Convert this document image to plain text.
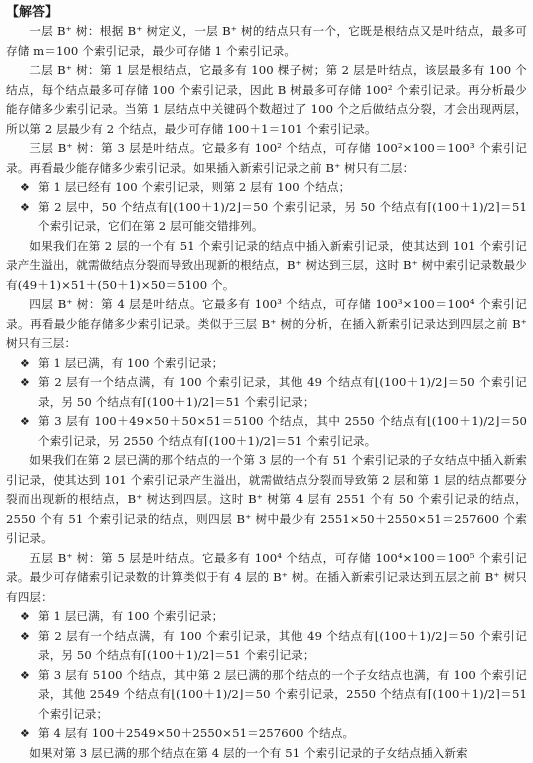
【解答】

一层 B⁺ 树：根据 B⁺ 树定义，一层 B⁺ 树的结点只有一个，它既是根结点又是叶结点，最多可存储 m＝100 个索引记录，最少可存储 1 个索引记录。

二层 B⁺ 树：第 1 层是根结点，它最多有 100 棵子树；第 2 层是叶结点，该层最多有 100 个结点，每个结点最多可存储 100 个索引记录，因此 B 树最多可存储 100² 个索引记录。再分析最少能存储多少索引记录。当第 1 层结点中关键码个数超过了 100 个之后做结点分裂，才会出现两层，所以第 2 层最少有 2 个结点，最少可存储 100＋1＝101 个索引记录。

三层 B⁺ 树：第 3 层是叶结点。它最多有 100² 个结点，可存储 100²×100＝100³ 个索引记录。再看最少能存储多少索引记录。如果插入新索引记录之前 B⁺ 树只有二层：

❖ 第 1 层已经有 100 个索引记录，则第 2 层有 100 个结点；
❖ 第 2 层中，50 个结点有⌊(100＋1)/2⌋＝50 个索引记录，另 50 个结点有⌈(100＋1)/2⌉＝51 个索引记录，它们在第 2 层可能交错排列。

如果我们在第 2 层的一个有 51 个索引记录的结点中插入新索引记录，使其达到 101 个索引记录产生溢出，就需做结点分裂而导致出现新的根结点，B⁺ 树达到三层，这时 B⁺ 树中索引记录数最少有(49＋1)×51＋(50＋1)×50＝5100 个。

四层 B⁺ 树：第 4 层是叶结点。它最多有 100³ 个结点，可存储 100³×100＝100⁴ 个索引记录。再看最少能存储多少索引记录。类似于三层 B⁺ 树的分析，在插入新索引记录达到四层之前 B⁺ 树只有三层：

❖ 第 1 层已满，有 100 个索引记录；
❖ 第 2 层有一个结点满，有 100 个索引记录，其他 49 个结点有⌊(100＋1)/2⌋＝50 个索引记录，另 50 个结点有⌈(100＋1)/2⌉＝51 个索引记录；
❖ 第 3 层有 100＋49×50＋50×51＝5100 个结点，其中 2550 个结点有⌊(100＋1)/2⌋＝50 个索引记录，另 2550 个结点有⌈(100＋1)/2⌉＝51 个索引记录。

如果我们在第 2 层已满的那个结点的一个第 3 层的一个有 51 个索引记录的子女结点中插入新索引记录，使其达到 101 个索引记录产生溢出，就需做结点分裂而导致第 2 层和第 1 层的结点都要分裂而出现新的根结点，B⁺ 树达到四层。这时 B⁺ 树第 4 层有 2551 个有 50 个索引记录的结点，2550 个有 51 个索引记录的结点，则四层 B⁺ 树中最少有 2551×50＋2550×51＝257600 个索引记录。

五层 B⁺ 树：第 5 层是叶结点。它最多有 100⁴ 个结点，可存储 100⁴×100＝100⁵ 个索引记录。最少可存储索引记录数的计算类似于有 4 层的 B⁺ 树。在插入新索引记录达到五层之前 B⁺ 树只有四层：

❖ 第 1 层已满，有 100 个索引记录；
❖ 第 2 层有一个结点满，有 100 个索引记录，其他 49 个结点有⌊(100＋1)/2⌋＝50 个索引记录，另 50 个结点有⌈(100＋1)/2⌉＝51 个索引记录；
❖ 第 3 层有 5100 个结点，其中第 2 层已满的那个结点的一个子女结点也满，有 100 个索引记录，其他 2549 个结点有⌊(100＋1)/2⌋＝50 个索引记录，2550 个结点有⌈(100＋1)/2⌉＝51 个索引记录；
❖ 第 4 层有 100＋2549×50＋2550×51＝257600 个结点。

如果对第 3 层已满的那个结点在第 4 层的一个有 51 个索引记录的子女结点插入新索
